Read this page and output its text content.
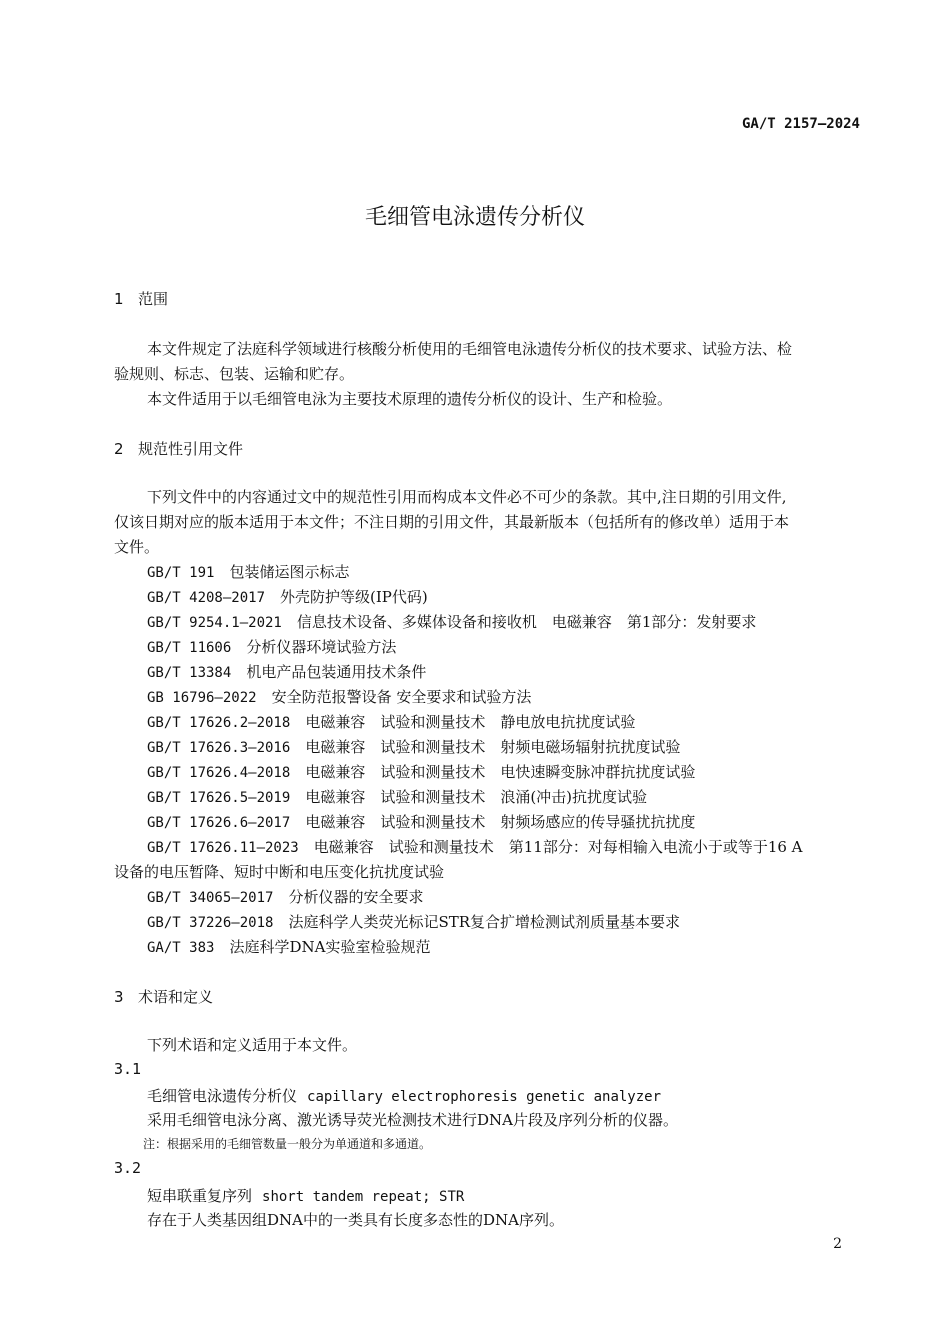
GA/T 2157—2024
毛细管电泳遗传分析仪
1 范围
本文件规定了法庭科学领域进行核酸分析使用的毛细管电泳遗传分析仪的技术要求、试验方法、检
验规则、标志、包装、运输和贮存。
本文件适用于以毛细管电泳为主要技术原理的遗传分析仪的设计、生产和检验。
2 规范性引用文件
下列文件中的内容通过文中的规范性引用而构成本文件必不可少的条款。其中,注日期的引用文件,
仅该日期对应的版本适用于本文件；不注日期的引用文件，其最新版本（包括所有的修改单）适用于本
文件。
GB/T 191　 包装储运图示标志
GB/T 4208—2017　 外壳防护等级(IP代码)
GB/T 9254.1—2021　 信息技术设备、多媒体设备和接收机　电磁兼容　第1部分：发射要求
GB/T 11606　 分析仪器环境试验方法
GB/T 13384　 机电产品包装通用技术条件
GB 16796—2022　 安全防范报警设备 安全要求和试验方法
GB/T 17626.2—2018　 电磁兼容　试验和测量技术　静电放电抗扰度试验
GB/T 17626.3—2016　 电磁兼容　试验和测量技术　射频电磁场辐射抗扰度试验
GB/T 17626.4—2018　 电磁兼容　试验和测量技术　电快速瞬变脉冲群抗扰度试验
GB/T 17626.5—2019　 电磁兼容　试验和测量技术　浪涌(冲击)抗扰度试验
GB/T 17626.6—2017　 电磁兼容　试验和测量技术　射频场感应的传导骚扰抗扰度
GB/T 17626.11—2023　 电磁兼容　试验和测量技术　第11部分：对每相输入电流小于或等于16 A
设备的电压暂降、短时中断和电压变化抗扰度试验
GB/T 34065—2017　 分析仪器的安全要求
GB/T 37226—2018　 法庭科学人类荧光标记STR复合扩增检测试剂质量基本要求
GA/T 383　 法庭科学DNA实验室检验规范
3 术语和定义
下列术语和定义适用于本文件。
3.1
毛细管电泳遗传分析仪 capillary electrophoresis genetic analyzer
采用毛细管电泳分离、激光诱导荧光检测技术进行DNA片段及序列分析的仪器。
注：根据采用的毛细管数量一般分为单通道和多通道。
3.2
短串联重复序列 short tandem repeat; STR
存在于人类基因组DNA中的一类具有长度多态性的DNA序列。
2
